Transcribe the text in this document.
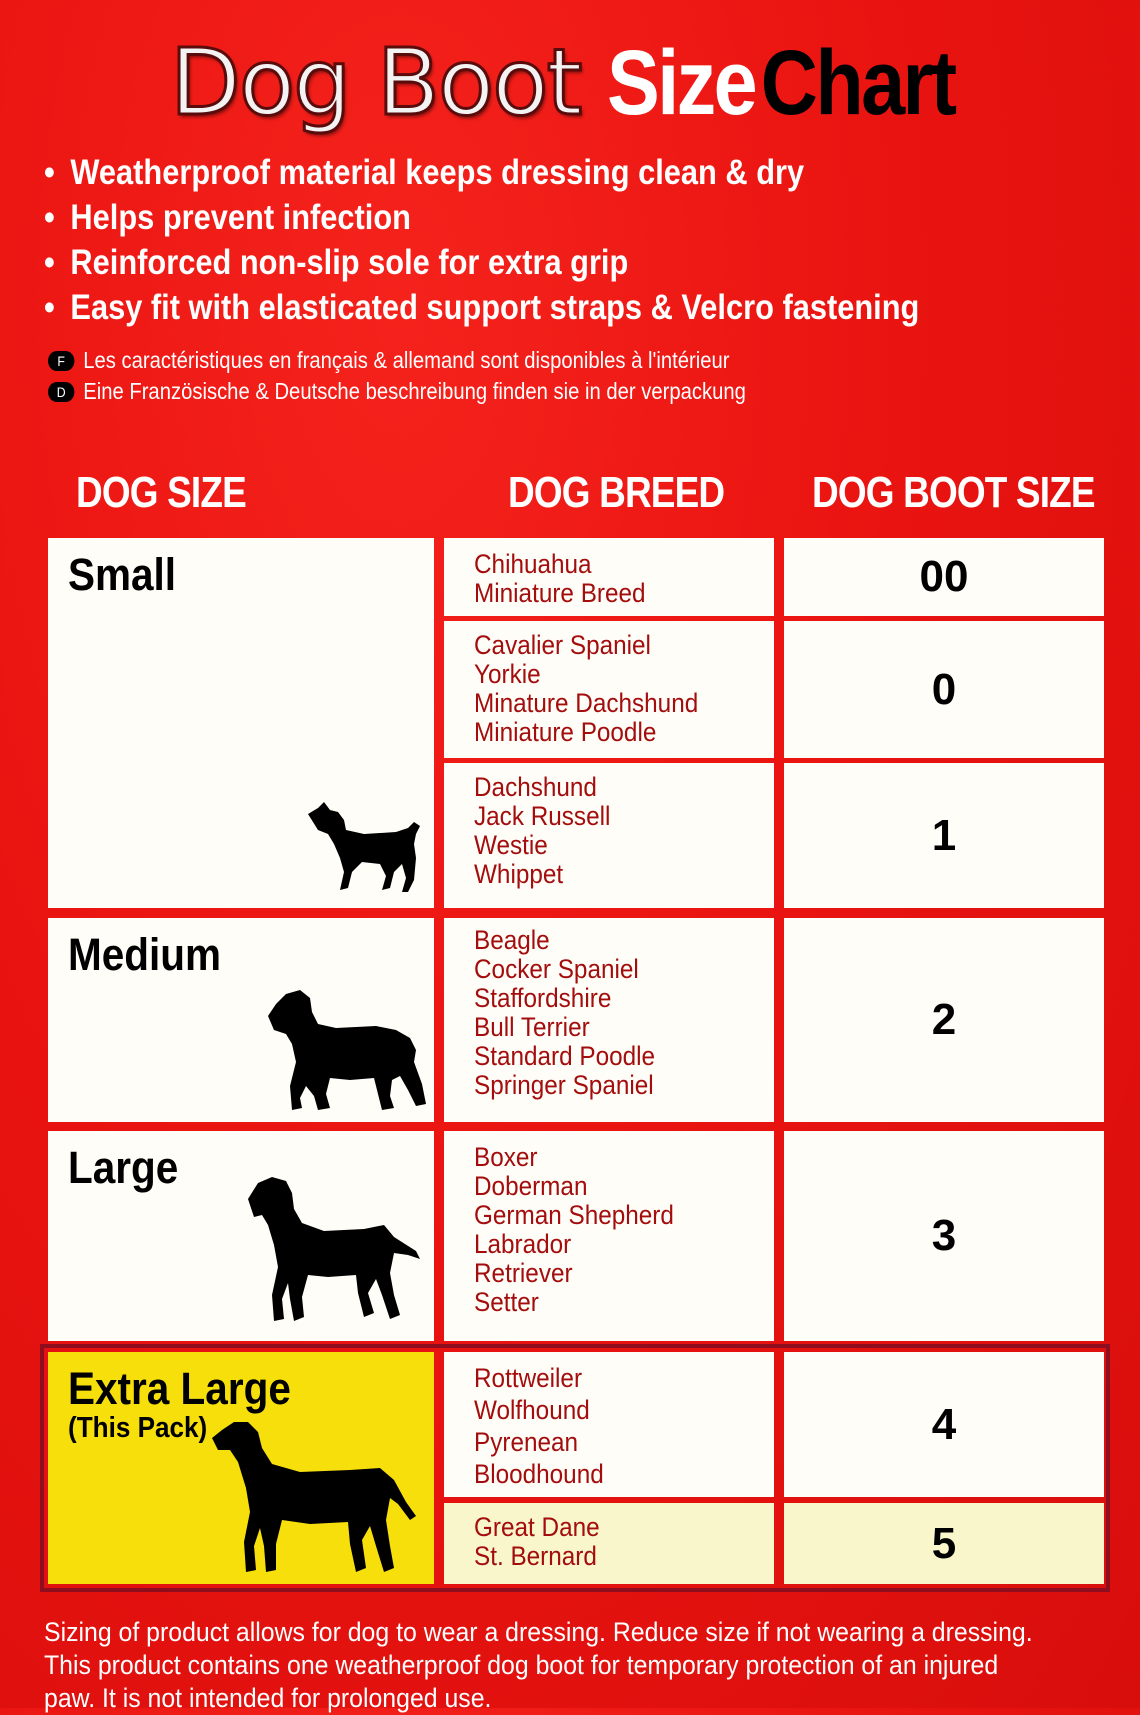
Dog Boot SizeChart
• Weatherproof material keeps dressing clean & dry
• Helps prevent infection
• Reinforced non-slip sole for extra grip
• Easy fit with elasticated support straps & Velcro fastening
F Les caractéristiques en français & allemand sont disponibles à l'intérieur
D Eine Französische & Deutsche beschreibung finden sie in der verpackung
DOG SIZE	DOG BREED DOG BOOT SIZE
Small
Medium
Large
Extra Large
(This Pack)
Chihuahua
Miniature Breed
Cavalier Spaniel
Yorkie
Minature Dachshund
Miniature Poodle
Dachshund
Jack Russell
Westie
Whippet
Beagle
Cocker Spaniel
Staffordshire
Bull Terrier
Standard Poodle
Springer Spaniel
Boxer
Doberman
German Shepherd
Labrador
Retriever
Setter
Rottweiler
Wolfhound
Pyrenean
Bloodhound
Great Dane
St. Bernard
00
0
1
2
3
4
5
Sizing of product allows for dog to wear a dressing. Reduce size if not wearing a dressing. This product contains one weatherproof dog boot for temporary protection of an injured paw. It is not intended for prolonged use.
